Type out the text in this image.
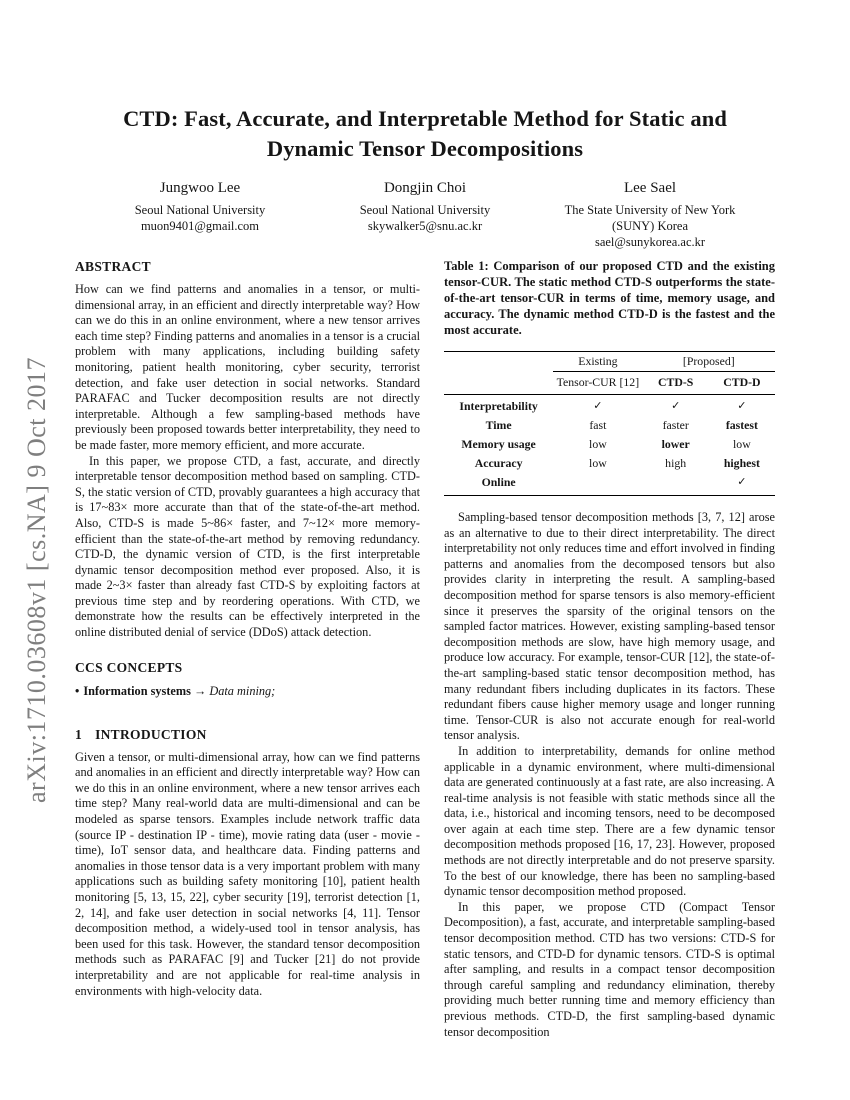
arXiv:1710.03608v1 [cs.NA] 9 Oct 2017
CTD: Fast, Accurate, and Interpretable Method for Static and
Dynamic Tensor Decompositions
Jungwoo Lee
Seoul National University
muon9401@gmail.com
Dongjin Choi
Seoul National University
skywalker5@snu.ac.kr
Lee Sael
The State University of New York
(SUNY) Korea
sael@sunykorea.ac.kr
ABSTRACT

How can we find patterns and anomalies in a tensor, or multi-dimensional array, in an efficient and directly interpretable way? How can we do this in an online environment, where a new tensor arrives each time step? Finding patterns and anomalies in a tensor is a crucial problem with many applications, including building safety monitoring, patient health monitoring, cyber security, terrorist detection, and fake user detection in social networks. Standard PARAFAC and Tucker decomposition results are not directly interpretable. Although a few sampling-based methods have previously been proposed towards better interpretability, they need to be made faster, more memory efficient, and more accurate.

In this paper, we propose CTD, a fast, accurate, and directly interpretable tensor decomposition method based on sampling. CTD-S, the static version of CTD, provably guarantees a high accuracy that is 17~83× more accurate than that of the state-of-the-art method. Also, CTD-S is made 5~86× faster, and 7~12× more memory-efficient than the state-of-the-art method by removing redundancy. CTD-D, the dynamic version of CTD, is the first interpretable dynamic tensor decomposition method ever proposed. Also, it is made 2~3× faster than already fast CTD-S by exploiting factors at previous time step and by reordering operations. With CTD, we demonstrate how the results can be effectively interpreted in the online distributed denial of service (DDoS) attack detection.

CCS CONCEPTS

• Information systems → Data mining;

1 INTRODUCTION

Given a tensor, or multi-dimensional array, how can we find patterns and anomalies in an efficient and directly interpretable way? How can we do this in an online environment, where a new tensor arrives each time step? Many real-world data are multi-dimensional and can be modeled as sparse tensors. Examples include network traffic data (source IP - destination IP - time), movie rating data (user - movie - time), IoT sensor data, and healthcare data. Finding patterns and anomalies in those tensor data is a very important problem with many applications such as building safety monitoring [10], patient health monitoring [5, 13, 15, 22], cyber security [19], terrorist detection [1, 2, 14], and fake user detection in social networks [4, 11]. Tensor decomposition method, a widely-used tool in tensor analysis, has been used for this task. However, the standard tensor decomposition methods such as PARAFAC [9] and Tucker [21] do not provide interpretability and are not applicable for real-time analysis in environments with high-velocity data.

Table 1: Comparison of our proposed CTD and the existing tensor-CUR. The static method CTD-S outperforms the state-of-the-art tensor-CUR in terms of time, memory usage, and accuracy. The dynamic method CTD-D is the fastest and the most accurate.

	Existing	[Proposed]	
	Tensor-CUR [12]	CTD-S	CTD-D
Interpretability	✓	✓	✓
Time	fast	faster	fastest
Memory usage	low	lower	low
Accuracy	low	high	highest
Online			✓

Sampling-based tensor decomposition methods [3, 7, 12] arose as an alternative to due to their direct interpretability. The direct interpretability not only reduces time and effort involved in finding patterns and anomalies from the decomposed tensors but also provides clarity in interpreting the result. A sampling-based decomposition method for sparse tensors is also memory-efficient since it preserves the sparsity of the original tensors on the sampled factor matrices. However, existing sampling-based tensor decomposition methods are slow, have high memory usage, and produce low accuracy. For example, tensor-CUR [12], the state-of-the-art sampling-based static tensor decomposition method, has many redundant fibers including duplicates in its factors. These redundant fibers cause higher memory usage and longer running time. Tensor-CUR is also not accurate enough for real-world tensor analysis.

In addition to interpretability, demands for online method applicable in a dynamic environment, where multi-dimensional data are generated continuously at a fast rate, are also increasing. A real-time analysis is not feasible with static methods since all the data, i.e., historical and incoming tensors, need to be decomposed over again at each time step. There are a few dynamic tensor decomposition methods proposed [16, 17, 23]. However, proposed methods are not directly interpretable and do not preserve sparsity. To the best of our knowledge, there has been no sampling-based dynamic tensor decomposition method proposed.

In this paper, we propose CTD (Compact Tensor Decomposition), a fast, accurate, and interpretable sampling-based tensor decomposition method. CTD has two versions: CTD-S for static tensors, and CTD-D for dynamic tensors. CTD-S is optimal after sampling, and results in a compact tensor decomposition through careful sampling and redundancy elimination, thereby providing much better running time and memory efficiency than previous methods. CTD-D, the first sampling-based dynamic tensor decomposition
